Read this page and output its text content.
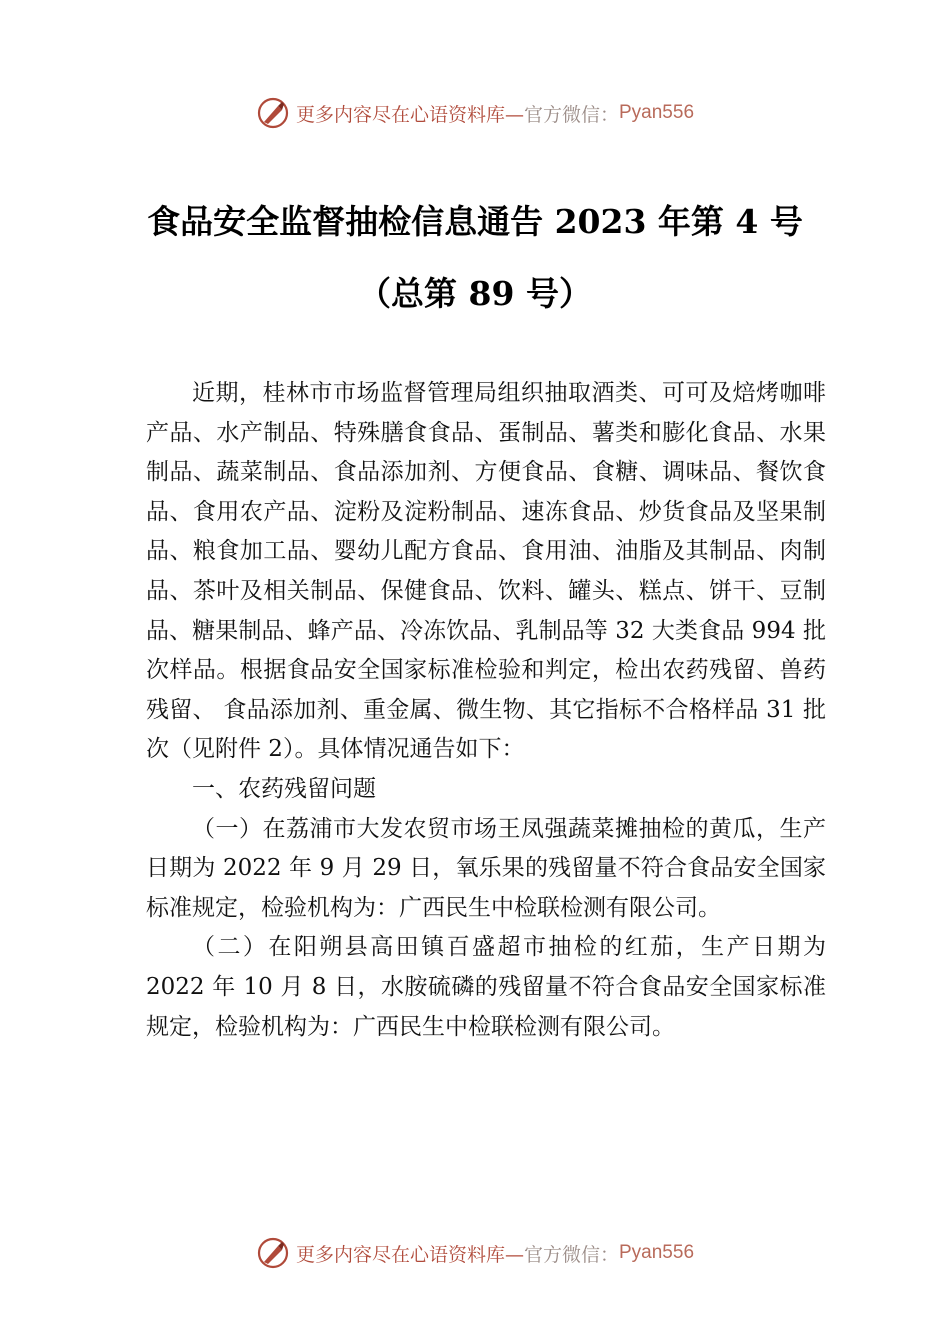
更多内容尽在心语资料库— 官方微信： Pyan556
食品安全监督抽检信息通告 2023 年第 4 号
（总第 89 号）

近期，桂林市市场监督管理局组织抽取酒类、可可及焙烤咖啡产品、水产制品、特殊膳食食品、蛋制品、薯类和膨化食品、水果制品、蔬菜制品、食品添加剂、方便食品、食糖、调味品、餐饮食品、食用农产品、淀粉及淀粉制品、速冻食品、炒货食品及坚果制品、粮食加工品、婴幼儿配方食品、食用油、油脂及其制品、肉制品、茶叶及相关制品、保健食品、饮料、罐头、糕点、饼干、豆制品、糖果制品、蜂产品、冷冻饮品、乳制品等 32 大类食品 994 批次样品。根据食品安全国家标准检验和判定，检出农药残留、兽药残留、 食品添加剂、重金属、微生物、其它指标不合格样品 31 批次（见附件 2）。具体情况通告如下：

一、农药残留问题

（一）在荔浦市大发农贸市场王凤强蔬菜摊抽检的黄瓜，生产日期为 2022 年 9 月 29 日，氧乐果的残留量不符合食品安全国家标准规定，检验机构为：广西民生中检联检测有限公司。

（二）在阳朔县高田镇百盛超市抽检的红茄，生产日期为 2022 年 10 月 8 日，水胺硫磷的残留量不符合食品安全国家标准规定，检验机构为：广西民生中检联检测有限公司。

更多内容尽在心语资料库— 官方微信： Pyan556
